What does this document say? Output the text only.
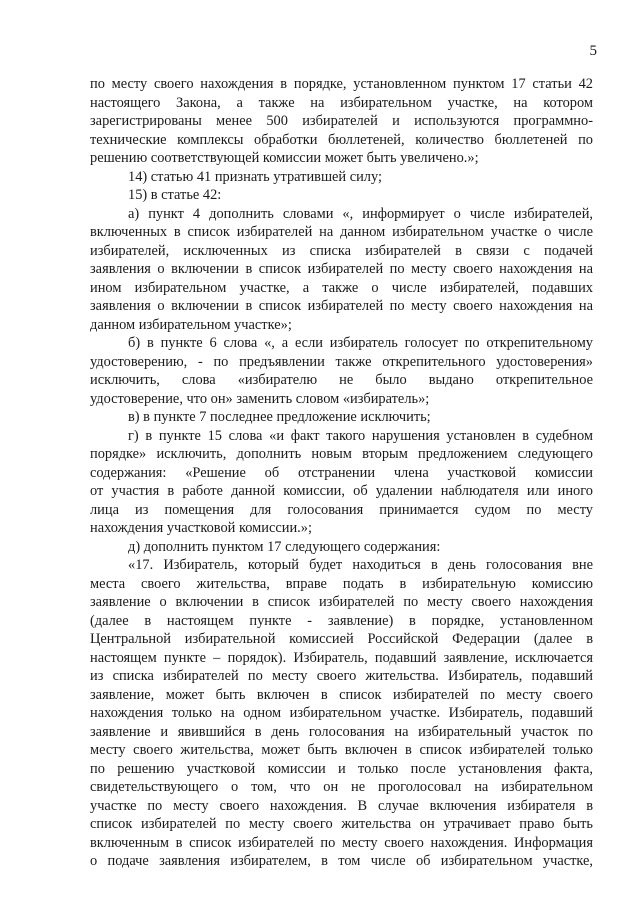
5
по месту своего нахождения в порядке, установленном пунктом 17 статьи 42
настоящего Закона, а также на избирательном участке, на котором
зарегистрированы менее 500 избирателей и используются программно-
технические комплексы обработки бюллетеней, количество бюллетеней по
решению соответствующей комиссии может быть увеличено.»;
14) статью 41 признать утратившей силу;
15) в статье 42:
а) пункт 4 дополнить словами «, информирует о числе избирателей,
включенных в список избирателей на данном избирательном участке о числе
избирателей, исключенных из списка избирателей в связи с подачей
заявления о включении в список избирателей по месту своего нахождения на
ином избирательном участке, а также о числе избирателей, подавших
заявления о включении в список избирателей по месту своего нахождения на
данном избирательном участке»;
б) в пункте 6 слова «, а если избиратель голосует по открепительному
удостоверению, - по предъявлении также открепительного удостоверения»
исключить, слова «избирателю не было выдано открепительное
удостоверение, что он» заменить словом «избиратель»;
в) в пункте 7 последнее предложение исключить;
г) в пункте 15 слова «и факт такого нарушения установлен в судебном
порядке» исключить, дополнить новым вторым предложением следующего
содержания: «Решение об отстранении члена участковой комиссии
от участия в работе данной комиссии, об удалении наблюдателя или иного
лица из помещения для голосования принимается судом по месту
нахождения участковой комиссии.»;
д) дополнить пунктом 17 следующего содержания:
«17. Избиратель, который будет находиться в день голосования вне
места своего жительства, вправе подать в избирательную комиссию
заявление о включении в список избирателей по месту своего нахождения
(далее в настоящем пункте - заявление) в порядке, установленном
Центральной избирательной комиссией Российской Федерации (далее в
настоящем пункте – порядок). Избиратель, подавший заявление, исключается
из списка избирателей по месту своего жительства. Избиратель, подавший
заявление, может быть включен в список избирателей по месту своего
нахождения только на одном избирательном участке. Избиратель, подавший
заявление и явившийся в день голосования на избирательный участок по
месту своего жительства, может быть включен в список избирателей только
по решению участковой комиссии и только после установления факта,
свидетельствующего о том, что он не проголосовал на избирательном
участке по месту своего нахождения. В случае включения избирателя в
список избирателей по месту своего жительства он утрачивает право быть
включенным в список избирателей по месту своего нахождения. Информация
о подаче заявления избирателем, в том числе об избирательном участке,
